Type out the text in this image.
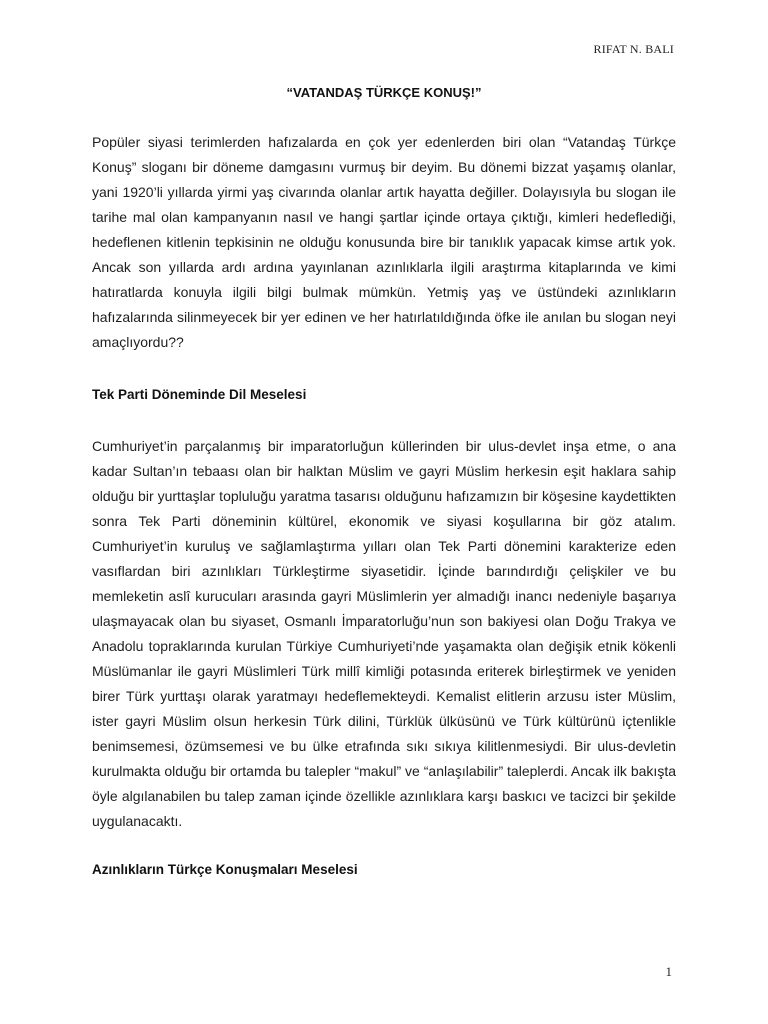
RIFAT N. BALI
“VATANDAŞ TÜRKÇE KONUŞ!”
Popüler siyasi terimlerden hafızalarda en çok yer edenlerden biri olan “Vatandaş Türkçe Konuş” sloganı bir döneme damgasını vurmuş bir deyim. Bu dönemi bizzat yaşamış olanlar, yani 1920’li yıllarda yirmi yaş civarında olanlar artık hayatta değiller. Dolayısıyla bu slogan ile tarihe mal olan kampanyanın nasıl ve hangi şartlar içinde ortaya çıktığı, kimleri hedeflediği, hedeflenen kitlenin tepkisinin ne olduğu konusunda bire bir tanıklık yapacak kimse artık yok. Ancak son yıllarda ardı ardına yayınlanan azınlıklarla ilgili araştırma kitaplarında ve kimi hatıratlarda konuyla ilgili bilgi bulmak mümkün. Yetmiş yaş ve üstündeki azınlıkların hafızalarında silinmeyecek bir yer edinen ve her hatırlatıldığında öfke ile anılan bu slogan neyi amaçlıyordu??
Tek Parti Döneminde Dil Meselesi
Cumhuriyet’in parçalanmış bir imparatorluğun küllerinden bir ulus-devlet inşa etme, o ana kadar Sultan’ın tebaası olan bir halktan Müslim ve gayri Müslim herkesin eşit haklara sahip olduğu bir yurttaşlar topluluğu yaratma tasarısı olduğunu hafızamızın bir köşesine kaydettikten sonra Tek Parti döneminin kültürel, ekonomik ve siyasi koşullarına bir göz atalım. Cumhuriyet’in kuruluş ve sağlamlaştırma yılları olan Tek Parti dönemini karakterize eden vasıflardan biri azınlıkları Türkleştirme siyasetidir. İçinde barındırdığı çelişkiler ve bu memleketin aslî kurucuları arasında gayri Müslimlerin yer almadığı inancı nedeniyle başarıya ulaşmayacak olan bu siyaset, Osmanlı İmparatorluğu’nun son bakiyesi olan Doğu Trakya ve Anadolu topraklarında kurulan Türkiye Cumhuriyeti’nde yaşamakta olan değişik etnik kökenli Müslümanlar ile gayri Müslimleri Türk millî kimliği potasında eriterek birleştirmek ve yeniden birer Türk yurttaşı olarak yaratmayı hedeflemekteydi. Kemalist elitlerin arzusu ister Müslim, ister gayri Müslim olsun herkesin Türk dilini, Türklük ülküsünü ve Türk kültürünü içtenlikle benimsemesi, özümsemesi ve bu ülke etrafında sıkı sıkıya kilitlenmesiydi. Bir ulus-devletin kurulmakta olduğu bir ortamda bu talepler “makul” ve “anlaşılabilir” taleplerdi. Ancak ilk bakışta öyle algılanabilen bu talep zaman içinde özellikle azınlıklara karşı baskıcı ve tacizci bir şekilde uygulanacaktı.
Azınlıkların Türkçe Konuşmaları Meselesi
1
